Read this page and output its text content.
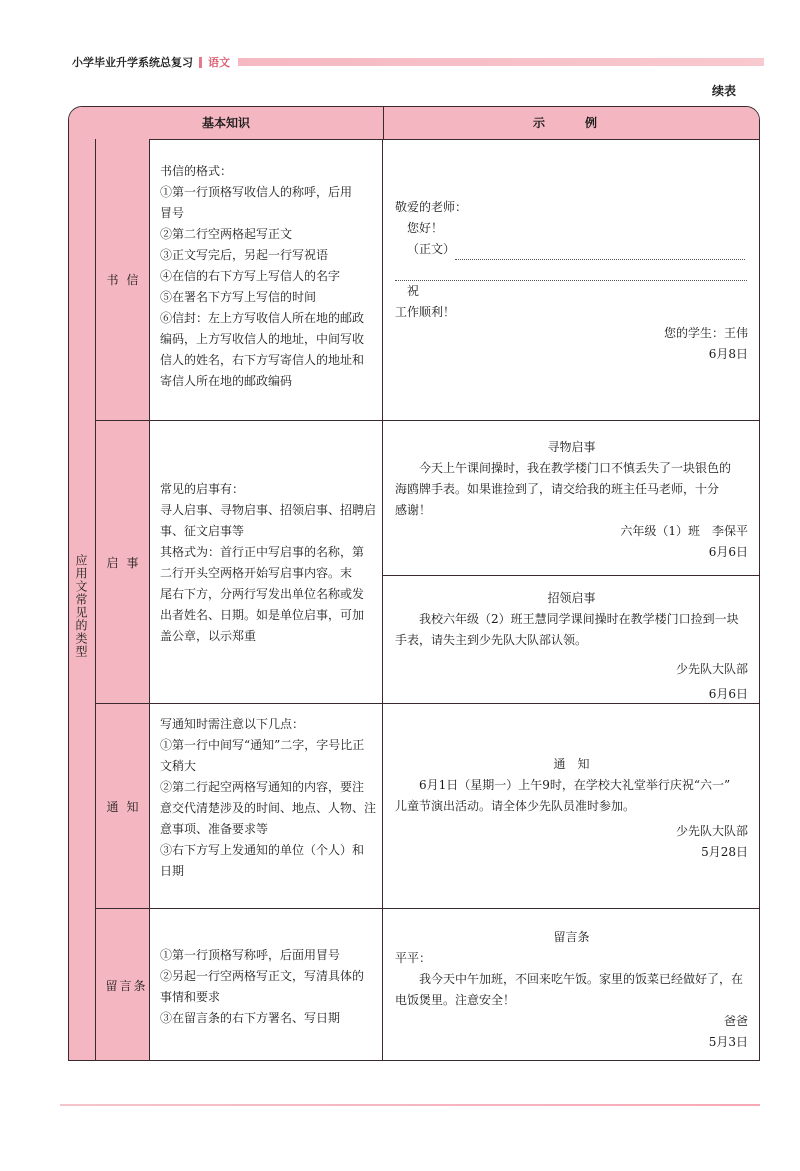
小学毕业升学系统总复习 语文
续表
基本知识	示　例
应用文常见的类型
书信
书信的格式：
①第一行顶格写收信人的称呼，后用
冒号
②第二行空两格起写正文
③正文写完后，另起一行写祝语
④在信的右下方写上写信人的名字
⑤在署名下方写上写信的时间
⑥信封：左上方写收信人所在地的邮政
编码，上方写收信人的地址，中间写收
信人的姓名，右下方写寄信人的地址和
寄信人所在地的邮政编码
敬爱的老师：
您好！
（正文）
祝
工作顺利！
您的学生：王伟
6月8日
启事
常见的启事有：
寻人启事、寻物启事、招领启事、招聘启
事、征文启事等
其格式为：首行正中写启事的名称，第
二行开头空两格开始写启事内容。末
尾右下方，分两行写发出单位名称或发
出者姓名、日期。如是单位启事，可加
盖公章，以示郑重
寻物启事
　　今天上午课间操时，我在教学楼门口不慎丢失了一块银色的
海鸥牌手表。如果谁捡到了，请交给我的班主任马老师，十分
感谢！
六年级（1）班　李保平
6月6日
招领启事
　　我校六年级（2）班王慧同学课间操时在教学楼门口捡到一块
手表，请失主到少先队大队部认领。
少先队大队部
6月6日
通知
写通知时需注意以下几点：
①第一行中间写“通知”二字，字号比正
文稍大
②第二行起空两格写通知的内容，要注
意交代清楚涉及的时间、地点、人物、注
意事项、准备要求等
③右下方写上发通知的单位（个人）和
日期
通　知
　　6月1日（星期一）上午9时，在学校大礼堂举行庆祝“六一”
儿童节演出活动。请全体少先队员准时参加。
少先队大队部
5月28日
留言条
①第一行顶格写称呼，后面用冒号
②另起一行空两格写正文，写清具体的
事情和要求
③在留言条的右下方署名、写日期
留言条
平平：
　　我今天中午加班，不回来吃午饭。家里的饭菜已经做好了，在
电饭煲里。注意安全！
爸爸
5月3日
